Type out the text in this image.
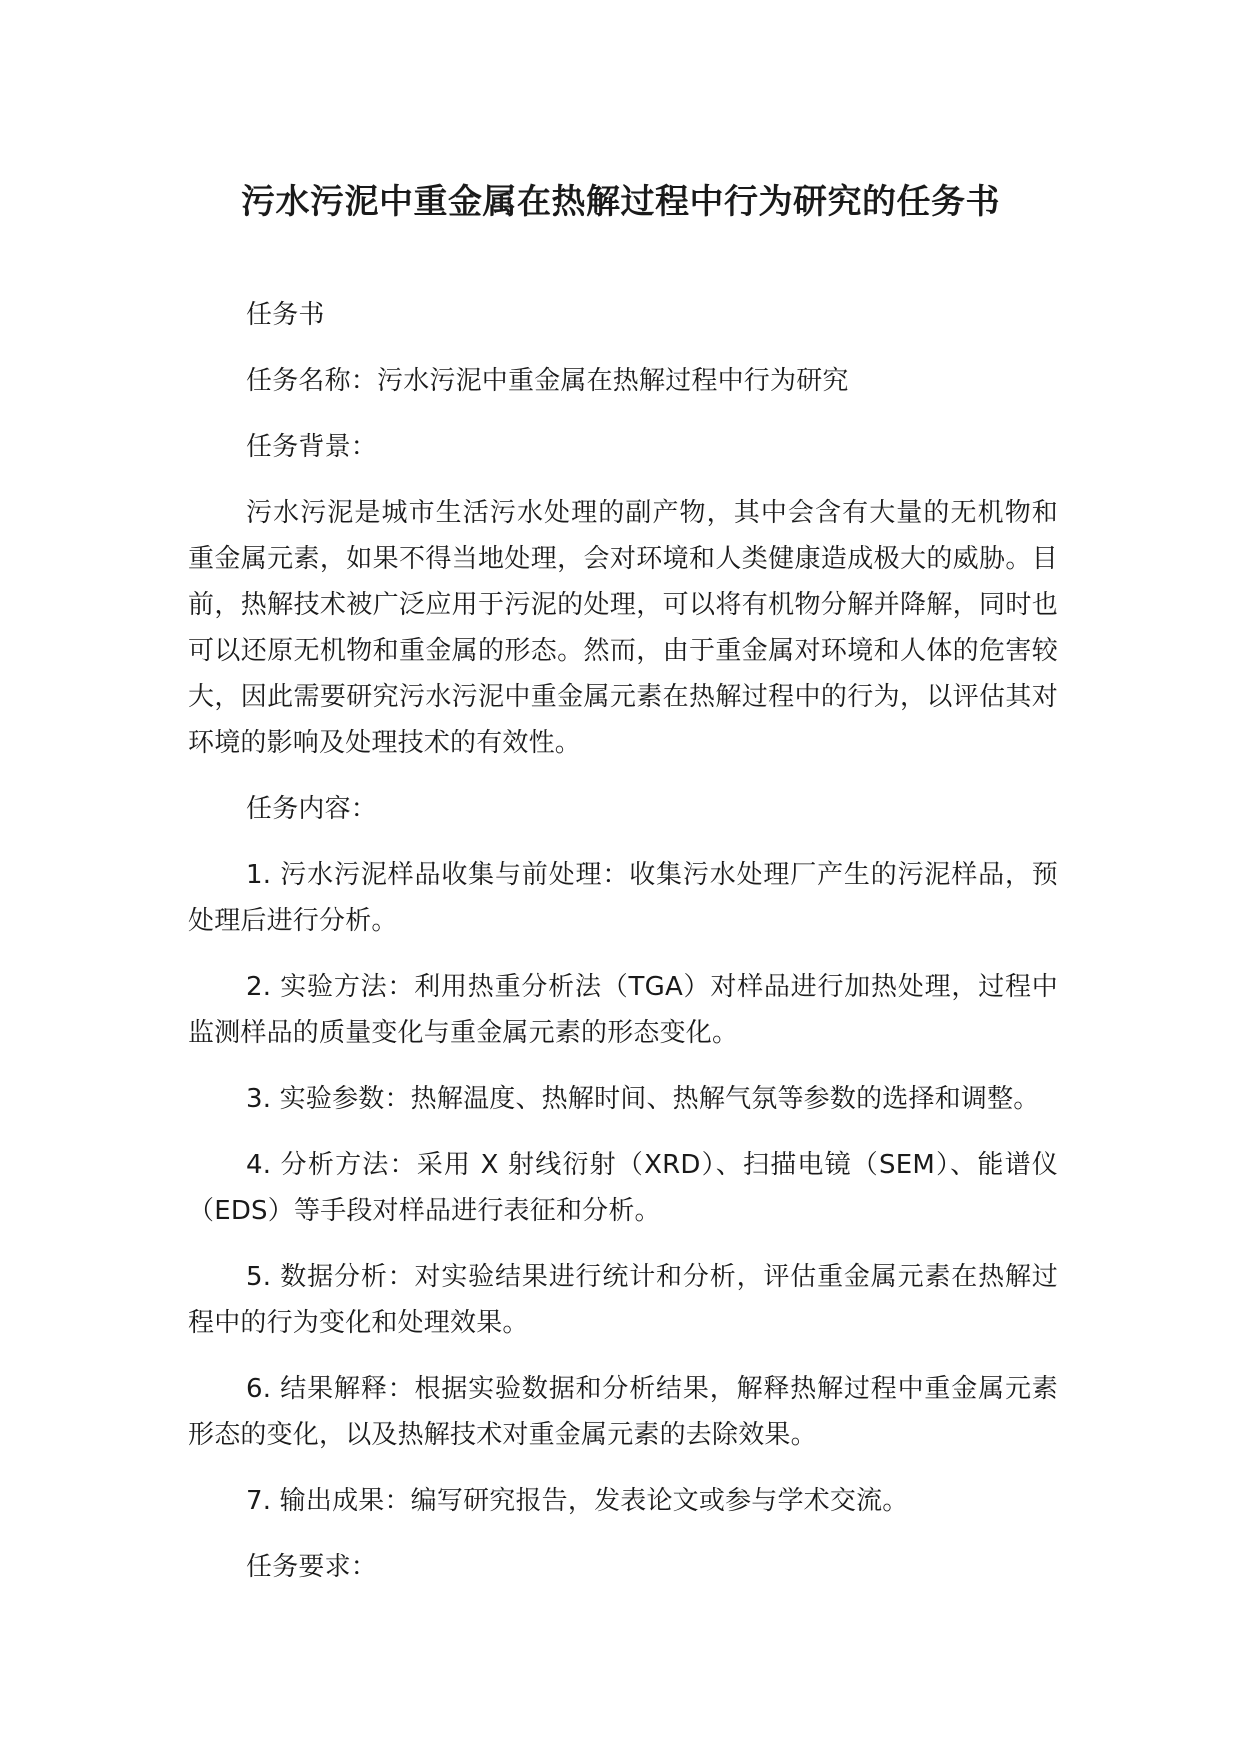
污水污泥中重金属在热解过程中行为研究的任务书

任务书

任务名称：污水污泥中重金属在热解过程中行为研究

任务背景：

污水污泥是城市生活污水处理的副产物，其中会含有大量的无机物和重金属元素，如果不得当地处理，会对环境和人类健康造成极大的威胁。目前，热解技术被广泛应用于污泥的处理，可以将有机物分解并降解，同时也可以还原无机物和重金属的形态。然而，由于重金属对环境和人体的危害较大，因此需要研究污水污泥中重金属元素在热解过程中的行为，以评估其对环境的影响及处理技术的有效性。

任务内容：

1. 污水污泥样品收集与前处理：收集污水处理厂产生的污泥样品，预处理后进行分析。

2. 实验方法：利用热重分析法（TGA）对样品进行加热处理，过程中监测样品的质量变化与重金属元素的形态变化。

3. 实验参数：热解温度、热解时间、热解气氛等参数的选择和调整。

4. 分析方法：采用 X 射线衍射（XRD）、扫描电镜（SEM）、能谱仪（EDS）等手段对样品进行表征和分析。

5. 数据分析：对实验结果进行统计和分析，评估重金属元素在热解过程中的行为变化和处理效果。

6. 结果解释：根据实验数据和分析结果，解释热解过程中重金属元素形态的变化，以及热解技术对重金属元素的去除效果。

7. 输出成果：编写研究报告，发表论文或参与学术交流。

任务要求：
